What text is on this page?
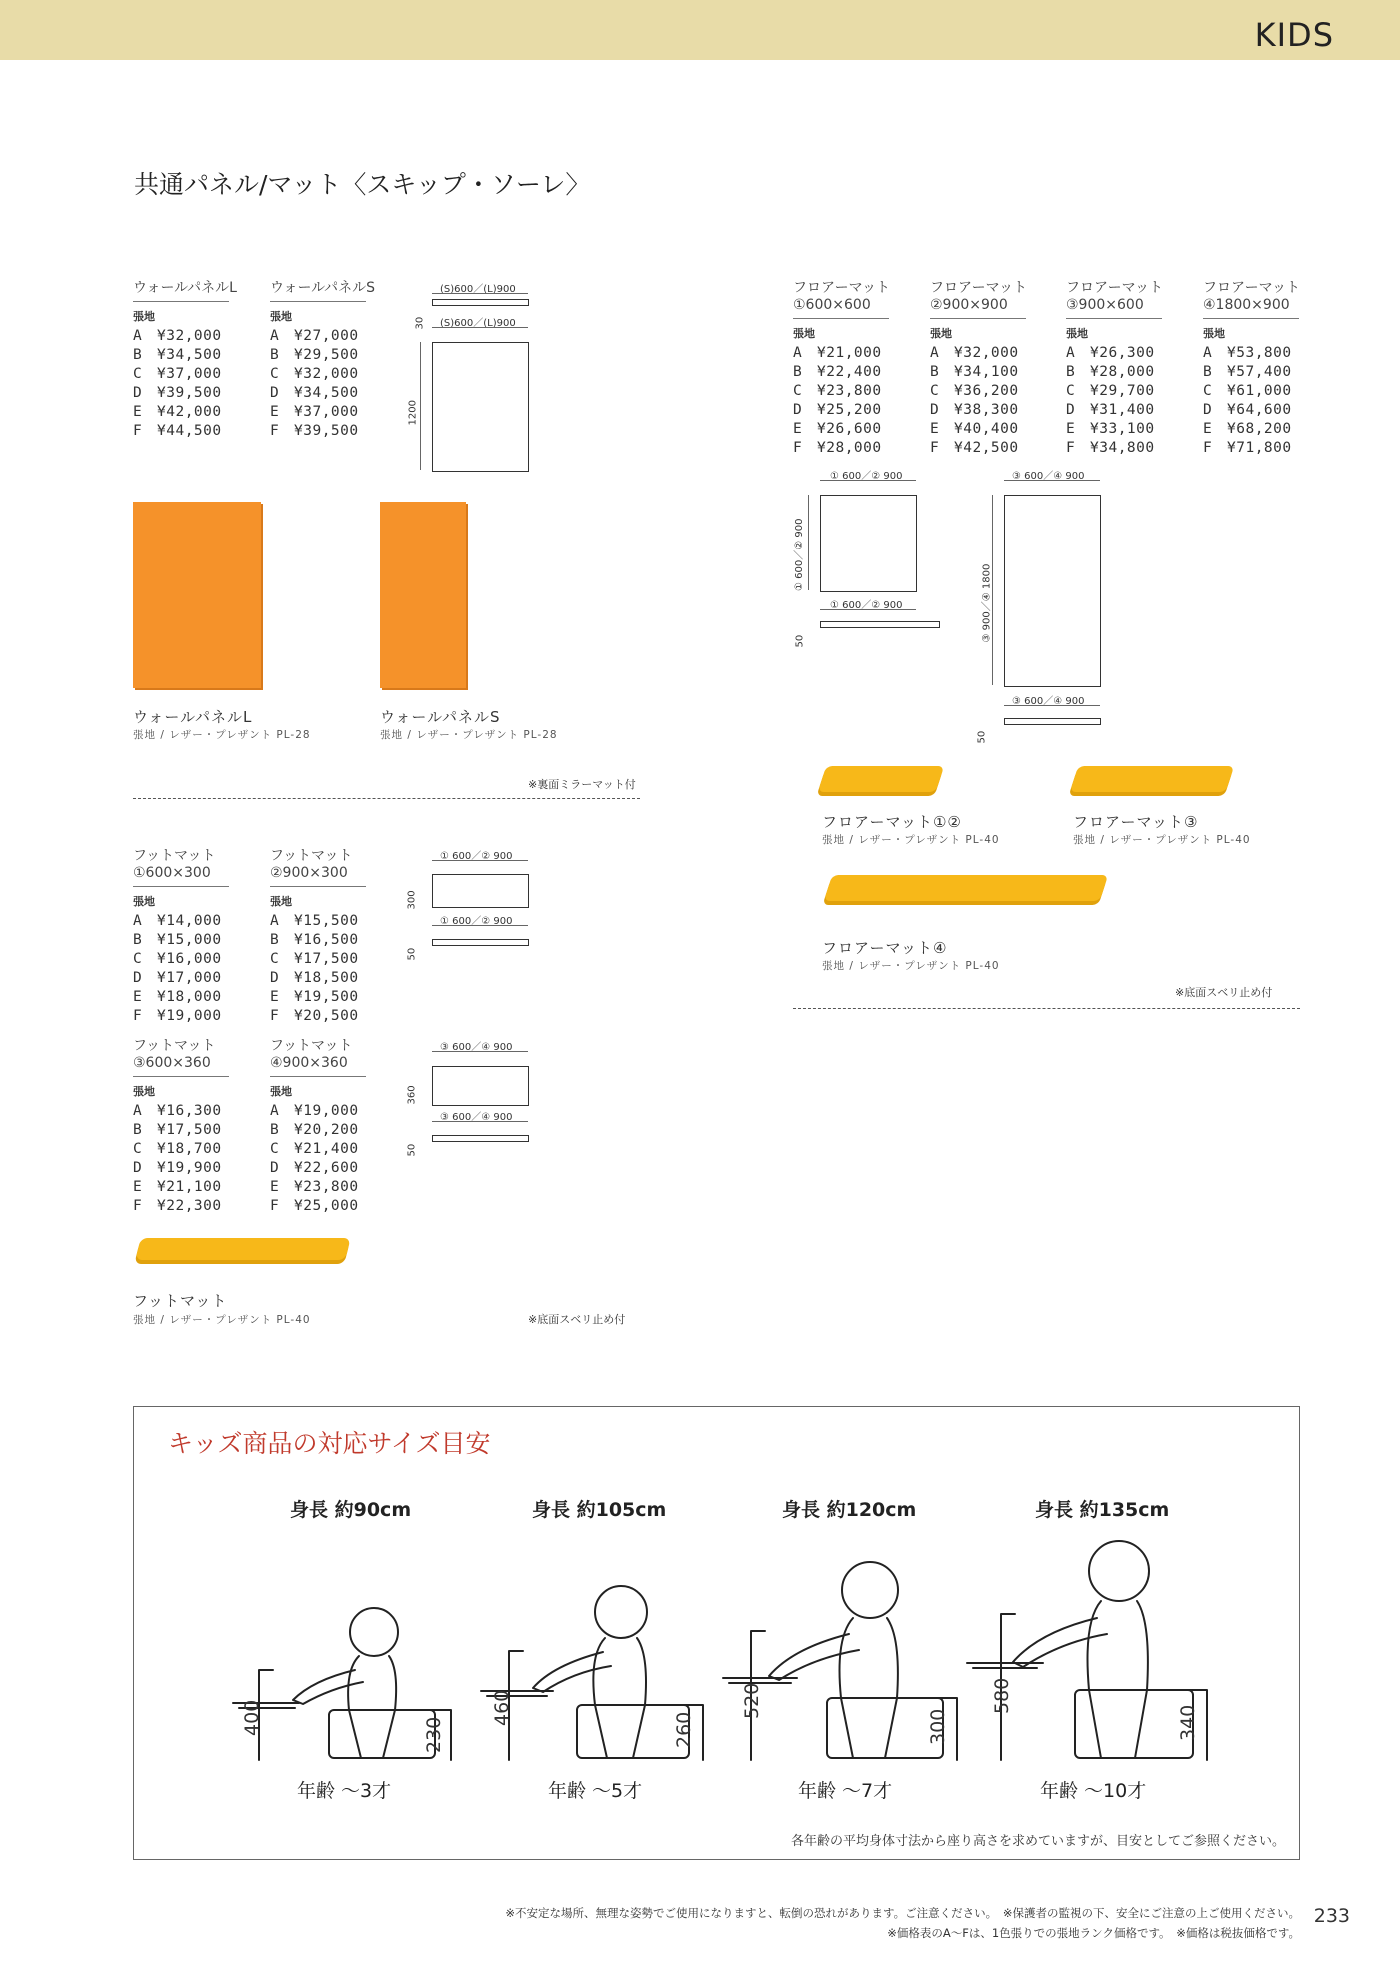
KIDS
共通パネル/マット〈スキップ・ソーレ〉
ウォールパネルL
張地
A	¥32,000
B	¥34,500
C	¥37,000
D	¥39,500
E	¥42,000
F	¥44,500
ウォールパネルS
張地
A	¥27,000
B	¥29,500
C	¥32,000
D	¥34,500
E	¥37,000
F	¥39,500
フロアーマット
①600×600
張地
A	¥21,000
B	¥22,400
C	¥23,800
D	¥25,200
E	¥26,600
F	¥28,000
フロアーマット
②900×900
張地
A	¥32,000
B	¥34,100
C	¥36,200
D	¥38,300
E	¥40,400
F	¥42,500
フロアーマット
③900×600
張地
A	¥26,300
B	¥28,000
C	¥29,700
D	¥31,400
E	¥33,100
F	¥34,800
フロアーマット
④1800×900
張地
A	¥53,800
B	¥57,400
C	¥61,000
D	¥64,600
E	¥68,200
F	¥71,800
フットマット
①600×300
張地
A	¥14,000
B	¥15,000
C	¥16,000
D	¥17,000
E	¥18,000
F	¥19,000
フットマット
②900×300
張地
A	¥15,500
B	¥16,500
C	¥17,500
D	¥18,500
E	¥19,500
F	¥20,500
フットマット
③600×360
張地
A	¥16,300
B	¥17,500
C	¥18,700
D	¥19,900
E	¥21,100
F	¥22,300
フットマット
④900×360
張地
A	¥19,000
B	¥20,200
C	¥21,400
D	¥22,600
E	¥23,800
F	¥25,000
(S)600／(L)900
30 (S)600／(L)900
1200
ウォールパネルL
張地 / レザー・プレザント PL-28
ウォールパネルS
張地 / レザー・プレザント PL-28
※裏面ミラーマット付
① 600／② 900
① 600／② 900
① 600／② 900
50
③ 600／④ 900
③ 900／④ 1800
③ 600／④ 900
50
フロアーマット①②
張地 / レザー・プレザント PL-40
フロアーマット③
張地 / レザー・プレザント PL-40
フロアーマット④
張地 / レザー・プレザント PL-40
※底面スベリ止め付
① 600／② 900
300
① 600／② 900
50
③ 600／④ 900
360
③ 600／④ 900
50
フットマット
張地 / レザー・プレザント PL-40	※底面スベリ止め付
キッズ商品の対応サイズ目安
身長 約90cm	身長 約105cm	身長 約120cm	身長 約135cm
400	230
460
260
520
300
580
340
年齢 ～3才	年齢 ～5才	年齢 ～7才	年齢 ～10才
各年齢の平均身体寸法から座り高さを求めていますが、目安としてご参照ください。
※不安定な場所、無理な姿勢でご使用になりますと、転倒の恐れがあります。ご注意ください。　※保護者の監視の下、安全にご注意の上ご使用ください。
※価格表のA～Fは、1色張りでの張地ランク価格です。　※価格は税抜価格です。
233
